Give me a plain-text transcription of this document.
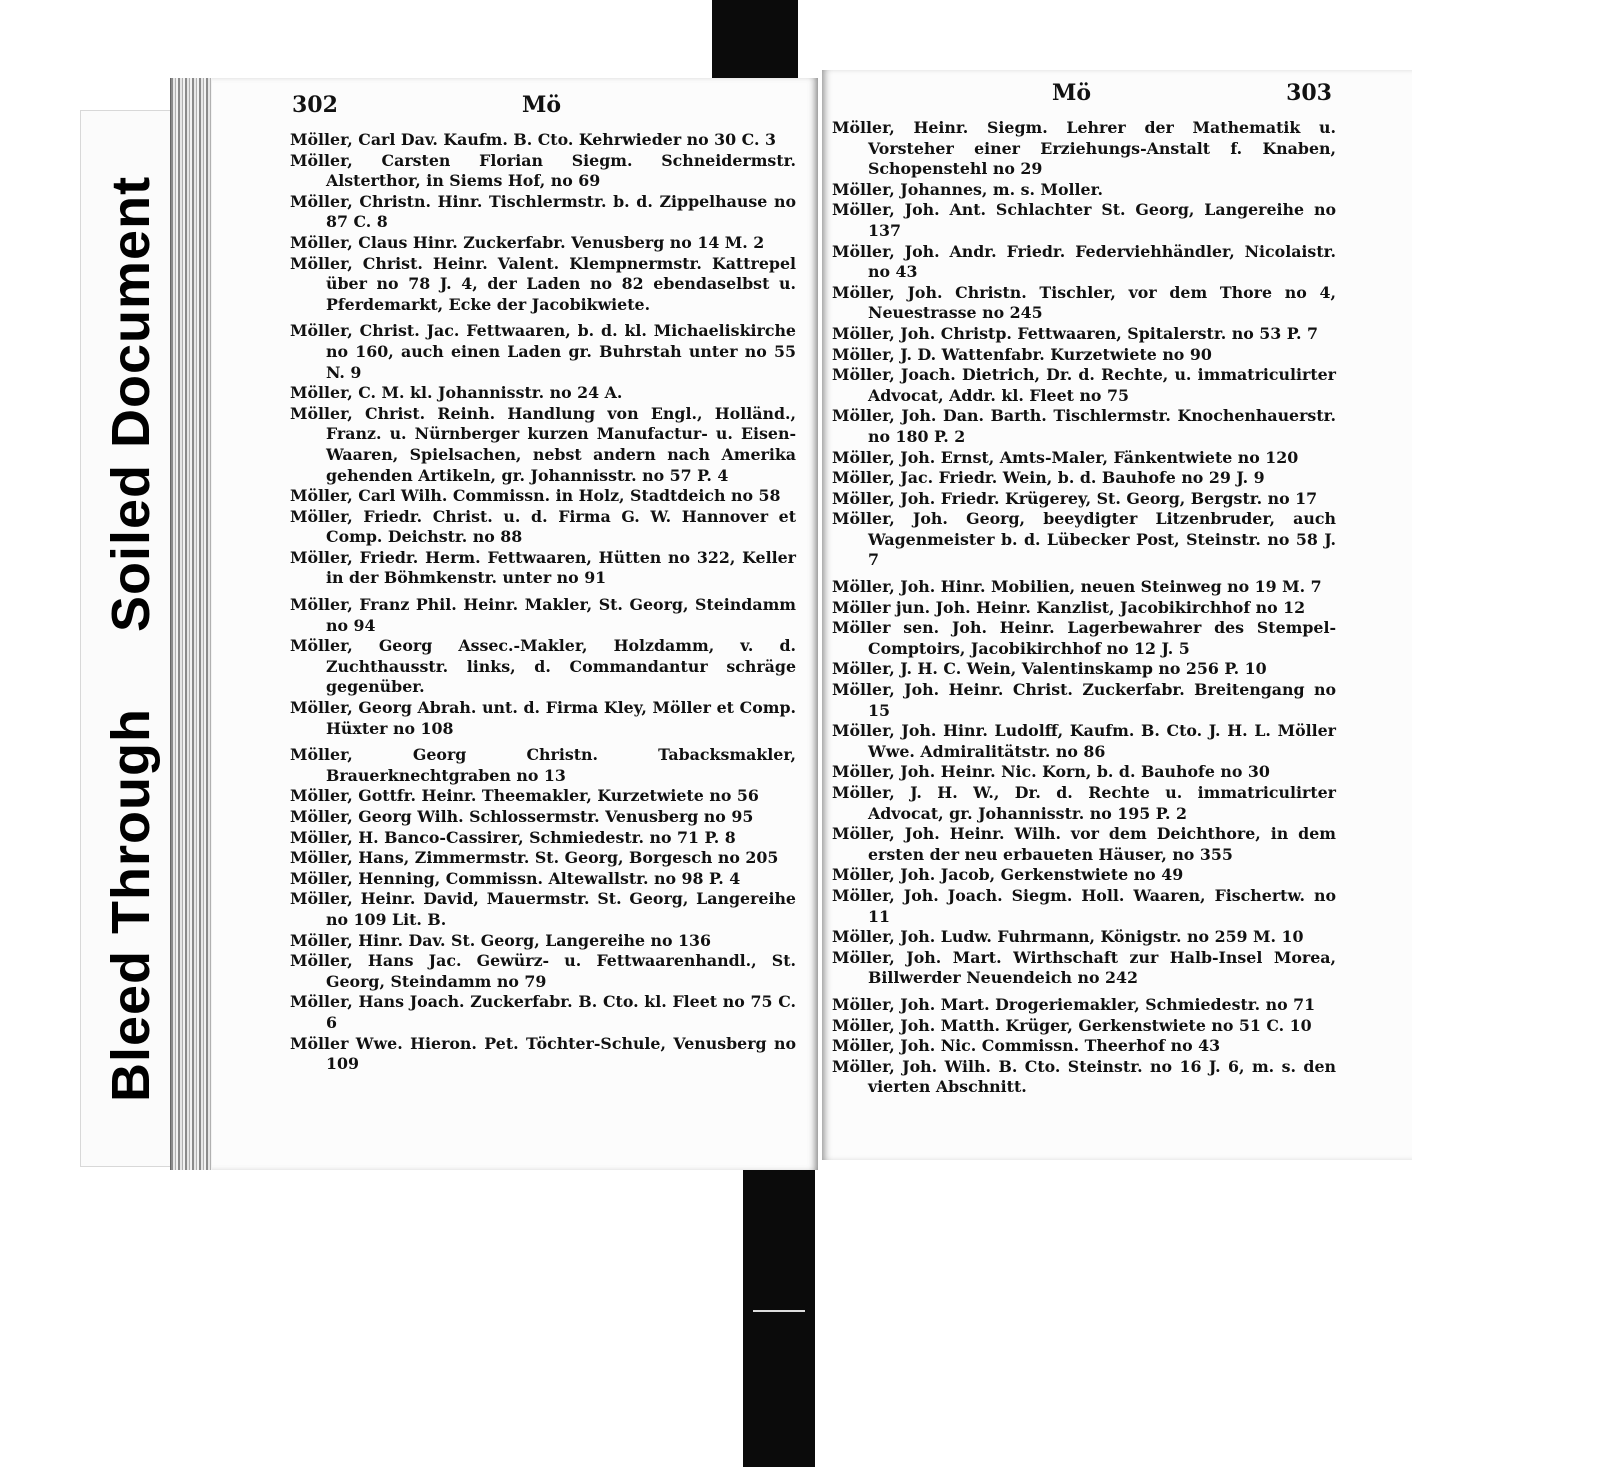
Bleed Through Soiled Document
302	Mö
Möller, Carl Dav. Kaufm. B. Cto. Kehrwieder no 30 C. 3
Möller, Carsten Florian Siegm. Schneidermstr. Alsterthor, in Siems Hof, no 69
Möller, Christn. Hinr. Tischlermstr. b. d. Zippelhause no 87 C. 8
Möller, Claus Hinr. Zuckerfabr. Venusberg no 14 M. 2
Möller, Christ. Heinr. Valent. Klempnermstr. Kattrepel über no 78 J. 4, der Laden no 82 ebendaselbst u. Pferdemarkt, Ecke der Jacobikwiete.
Möller, Christ. Jac. Fettwaaren, b. d. kl. Michaeliskirche no 160, auch einen Laden gr. Buhrstah unter no 55 N. 9
Möller, C. M. kl. Johannisstr. no 24 A.
Möller, Christ. Reinh. Handlung von Engl., Holländ., Franz. u. Nürnberger kurzen Manufactur- u. Eisen-Waaren, Spielsachen, nebst andern nach Amerika gehenden Artikeln, gr. Johannisstr. no 57 P. 4
Möller, Carl Wilh. Commissn. in Holz, Stadtdeich no 58
Möller, Friedr. Christ. u. d. Firma G. W. Hannover et Comp. Deichstr. no 88
Möller, Friedr. Herm. Fettwaaren, Hütten no 322, Keller in der Böhmkenstr. unter no 91
Möller, Franz Phil. Heinr. Makler, St. Georg, Steindamm no 94
Möller, Georg Assec.-Makler, Holzdamm, v. d. Zuchthausstr. links, d. Commandantur schräge gegenüber.
Möller, Georg Abrah. unt. d. Firma Kley, Möller et Comp. Hüxter no 108
Möller, Georg Christn. Tabacksmakler, Brauerknechtgraben no 13
Möller, Gottfr. Heinr. Theemakler, Kurzetwiete no 56
Möller, Georg Wilh. Schlossermstr. Venusberg no 95
Möller, H. Banco-Cassirer, Schmiedestr. no 71 P. 8
Möller, Hans, Zimmermstr. St. Georg, Borgesch no 205
Möller, Henning, Commissn. Altewallstr. no 98 P. 4
Möller, Heinr. David, Mauermstr. St. Georg, Langereihe no 109 Lit. B.
Möller, Hinr. Dav. St. Georg, Langereihe no 136
Möller, Hans Jac. Gewürz- u. Fettwaarenhandl., St. Georg, Steindamm no 79
Möller, Hans Joach. Zuckerfabr. B. Cto. kl. Fleet no 75 C. 6
Möller Wwe. Hieron. Pet. Töchter-Schule, Venusberg no 109
Mö	303
Möller, Heinr. Siegm. Lehrer der Mathematik u. Vorsteher einer Erziehungs-Anstalt f. Knaben, Schopenstehl no 29
Möller, Johannes, m. s. Moller.
Möller, Joh. Ant. Schlachter St. Georg, Langereihe no 137
Möller, Joh. Andr. Friedr. Federviehhändler, Nicolaistr. no 43
Möller, Joh. Christn. Tischler, vor dem Thore no 4, Neuestrasse no 245
Möller, Joh. Christp. Fettwaaren, Spitalerstr. no 53 P. 7
Möller, J. D. Wattenfabr. Kurzetwiete no 90
Möller, Joach. Dietrich, Dr. d. Rechte, u. immatriculirter Advocat, Addr. kl. Fleet no 75
Möller, Joh. Dan. Barth. Tischlermstr. Knochenhauerstr. no 180 P. 2
Möller, Joh. Ernst, Amts-Maler, Fänkentwiete no 120
Möller, Jac. Friedr. Wein, b. d. Bauhofe no 29 J. 9
Möller, Joh. Friedr. Krügerey, St. Georg, Bergstr. no 17
Möller, Joh. Georg, beeydigter Litzenbruder, auch Wagenmeister b. d. Lübecker Post, Steinstr. no 58 J. 7
Möller, Joh. Hinr. Mobilien, neuen Steinweg no 19 M. 7
Möller jun. Joh. Heinr. Kanzlist, Jacobikirchhof no 12
Möller sen. Joh. Heinr. Lagerbewahrer des Stempel-Comptoirs, Jacobikirchhof no 12 J. 5
Möller, J. H. C. Wein, Valentinskamp no 256 P. 10
Möller, Joh. Heinr. Christ. Zuckerfabr. Breitengang no 15
Möller, Joh. Hinr. Ludolff, Kaufm. B. Cto. J. H. L. Möller Wwe. Admiralitätstr. no 86
Möller, Joh. Heinr. Nic. Korn, b. d. Bauhofe no 30
Möller, J. H. W., Dr. d. Rechte u. immatriculirter Advocat, gr. Johannisstr. no 195 P. 2
Möller, Joh. Heinr. Wilh. vor dem Deichthore, in dem ersten der neu erbaueten Häuser, no 355
Möller, Joh. Jacob, Gerkenstwiete no 49
Möller, Joh. Joach. Siegm. Holl. Waaren, Fischertw. no 11
Möller, Joh. Ludw. Fuhrmann, Königstr. no 259 M. 10
Möller, Joh. Mart. Wirthschaft zur Halb-Insel Morea, Billwerder Neuendeich no 242
Möller, Joh. Mart. Drogeriemakler, Schmiedestr. no 71
Möller, Joh. Matth. Krüger, Gerkenstwiete no 51 C. 10
Möller, Joh. Nic. Commissn. Theerhof no 43
Möller, Joh. Wilh. B. Cto. Steinstr. no 16 J. 6, m. s. den vierten Abschnitt.
